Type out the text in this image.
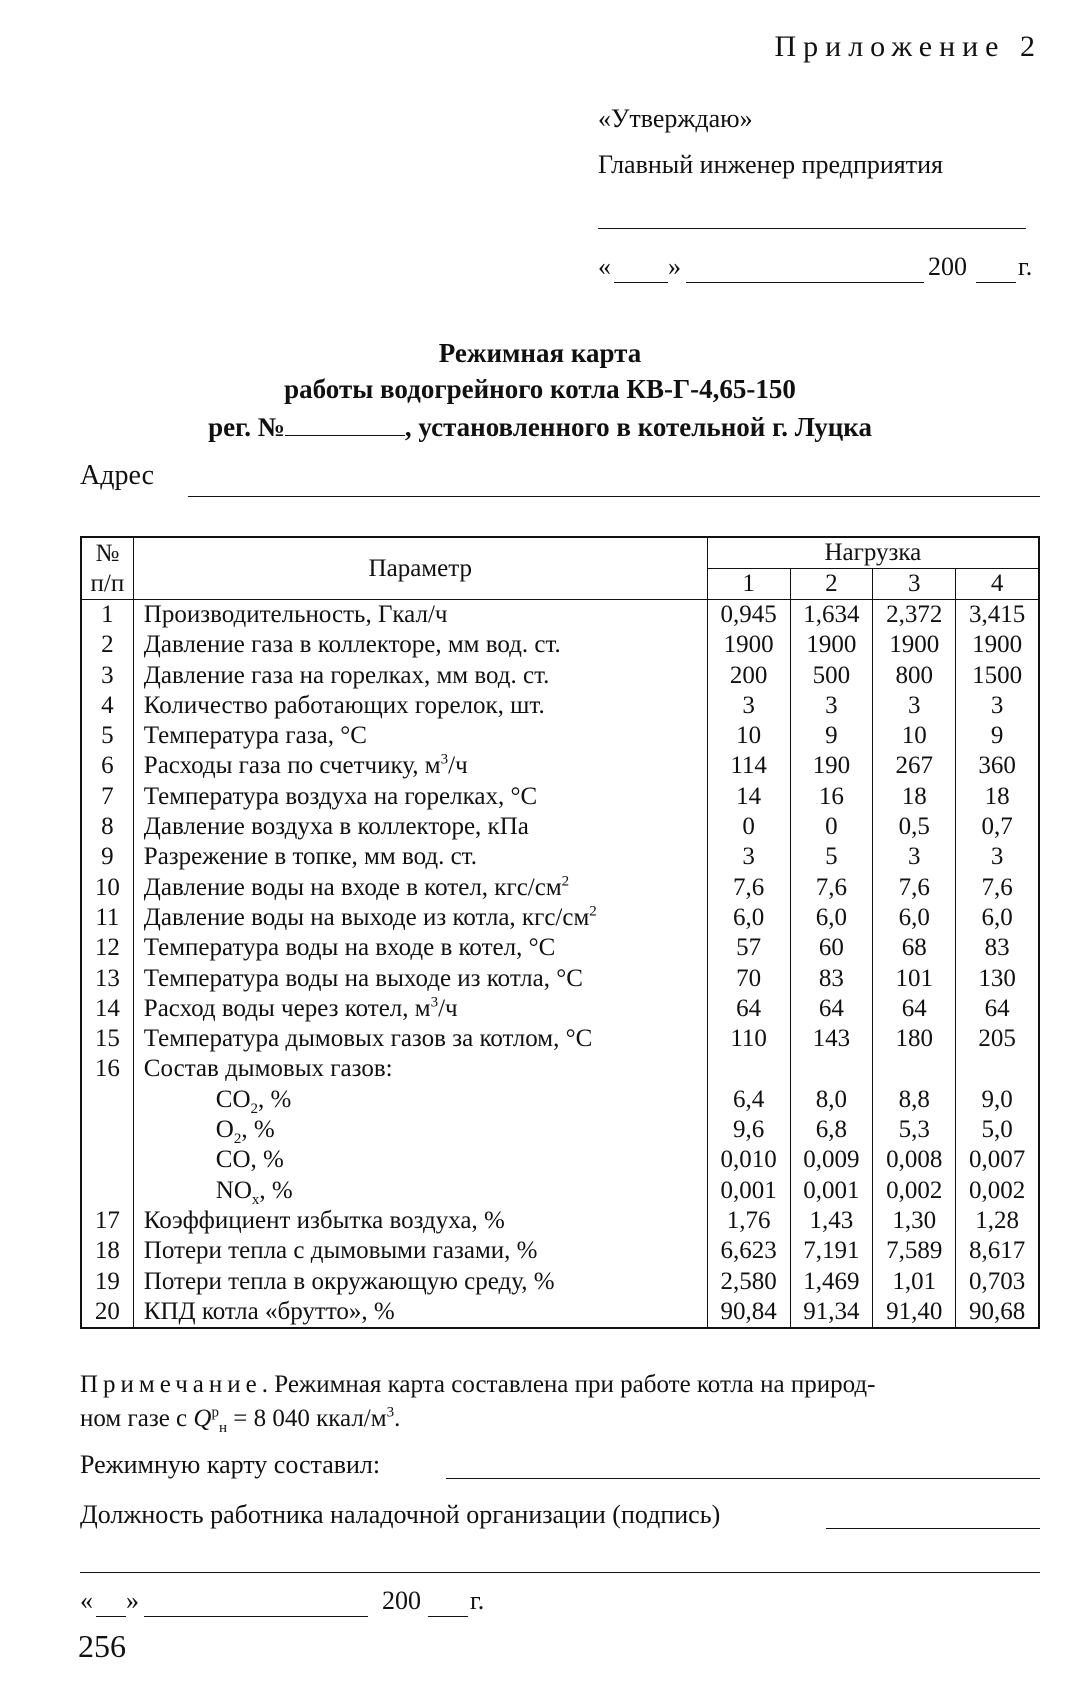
Приложение 2
«Утверждаю»
Главный инженер предприятия
« »	200 г.
Режимная карта
работы водогрейного котла КВ-Г-4,65-150
рег. №	, установленного в котельной г. Луцка
Адрес
№
п/п	Параметр	Нагрузка			
		1	2	3	4
1	Производительность, Гкал/ч	0,945	1,634	2,372	3,415
2	Давление газа в коллекторе, мм вод. ст.	1900	1900	1900	1900
3	Давление газа на горелках, мм вод. ст.	200	500	800	1500
4	Количество работающих горелок, шт.	3	3	3	3
5	Температура газа, °С	10	9	10	9
6	Расходы газа по счетчику, $м^3/ч$	114	190	267	360
7	Температура воздуха на горелках, °С	14	16	18	18
8	Давление воздуха в коллекторе, кПа	0	0	0,5	0,7
9	Разрежение в топке, мм вод. ст.	3	5	3	3
10	Давление воды на входе в котел, кгс/$см^2$	7,6	7,6	7,6	7,6
11	Давление воды на выходе из котла, кгс/$см^2$	6,0	6,0	6,0	6,0
12	Температура воды на входе в котел, °С	57	60	68	83
13	Температура воды на выходе из котла, °С	70	83	101	130
14	Расход воды через котел, $м^3/ч$	64	64	64	64
15	Температура дымовых газов за котлом, °С	110	143	180	205
16	Состав дымовых газов:				
	$CO_2$, %	6,4	8,0	8,8	9,0
	$O_2$, %	9,6	6,8	5,3	5,0
	CO, %	0,010	0,009	0,008	0,007
	$NO_x$, %	0,001	0,001	0,002	0,002
17	Коэффициент избытка воздуха, %	1,76	1,43	1,30	1,28
18	Потери тепла с дымовыми газами, %	6,623	7,191	7,589	8,617
19	Потери тепла в окружающую среду, %	2,580	1,469	1,01	0,703
20	КПД котла «брутто», %	90,84	91,34	91,40	90,68
Примечание. Режимная карта составлена при работе котла на природ-
ном газе с $Q^р_н = 8$ 040 ккал/$м^3$.
Режимную карту составил:
Должность работника наладочной организации (подпись)
« »	200 г.
256
